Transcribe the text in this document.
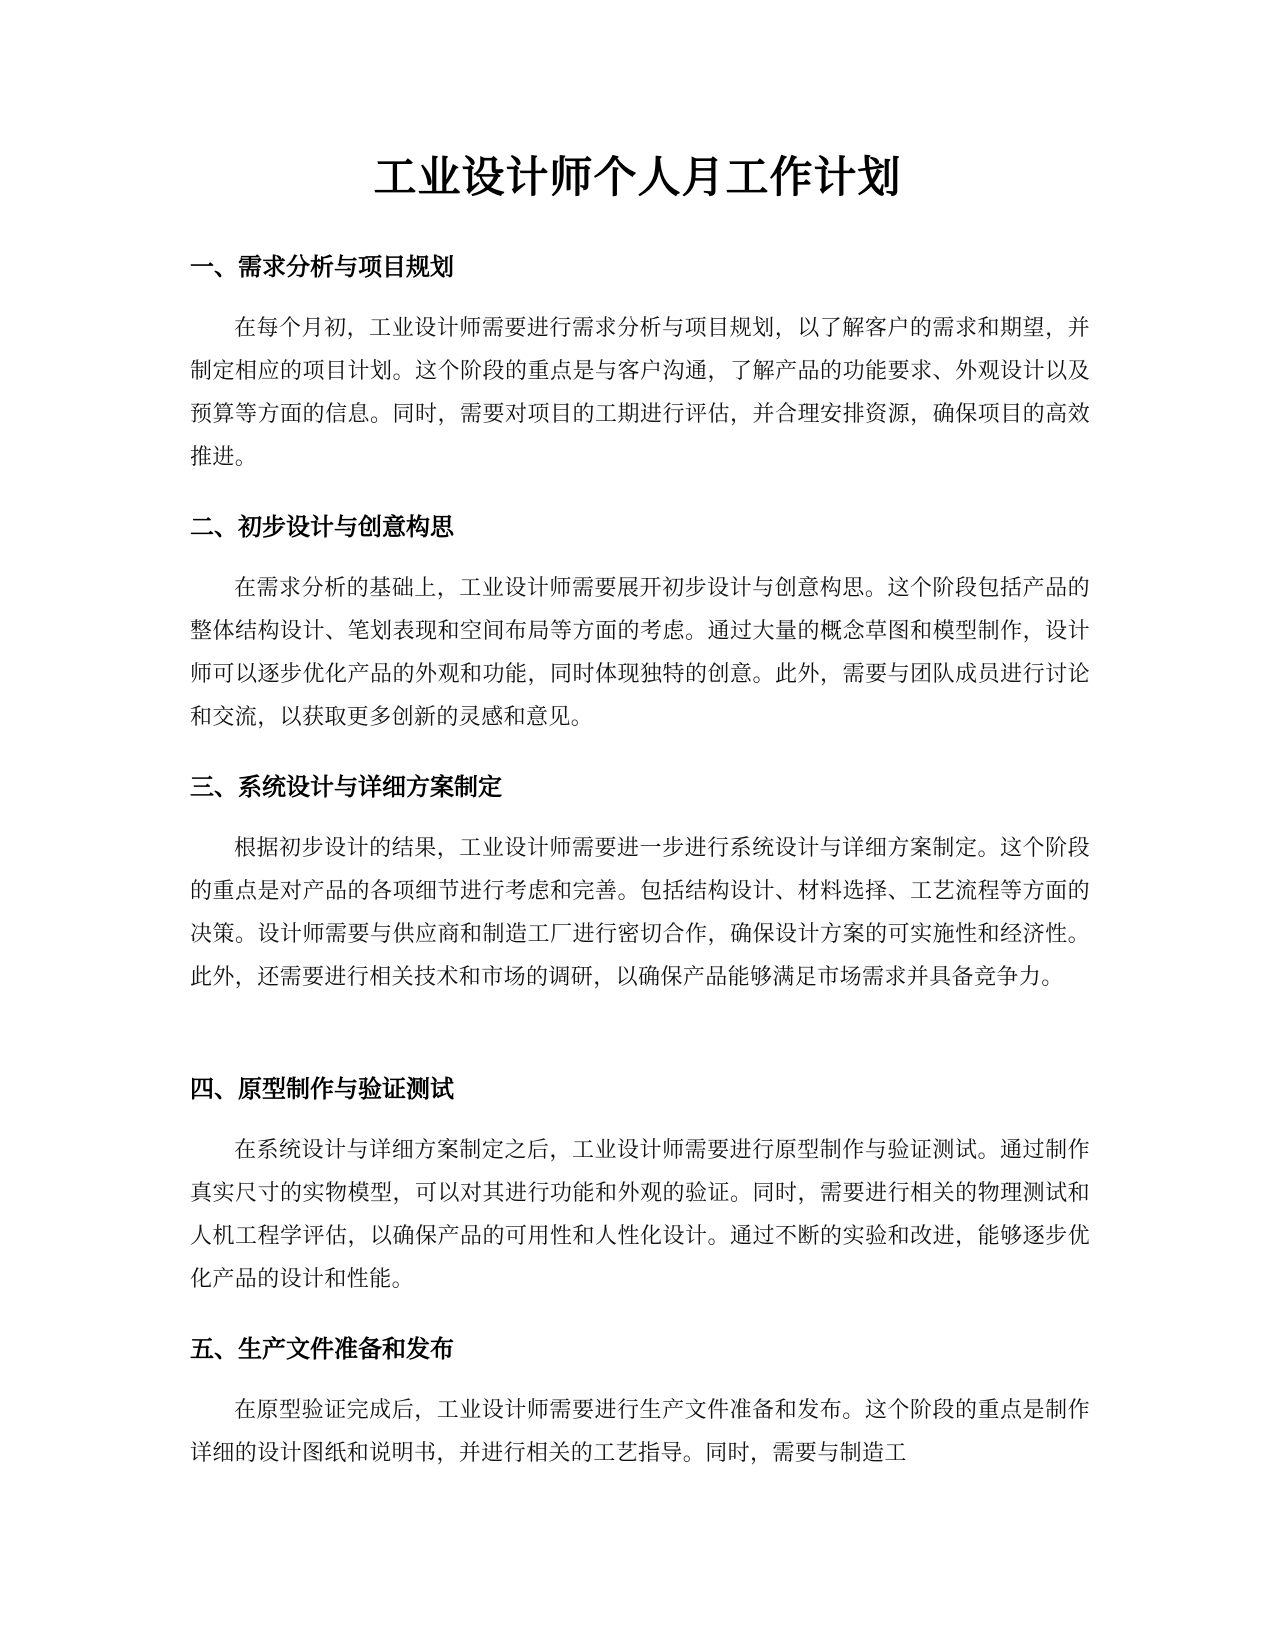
工业设计师个人月工作计划
一、需求分析与项目规划

在每个月初，工业设计师需要进行需求分析与项目规划，以了解客户的需求和期望，并制定相应的项目计划。这个阶段的重点是与客户沟通，了解产品的功能要求、外观设计以及预算等方面的信息。同时，需要对项目的工期进行评估，并合理安排资源，确保项目的高效推进。

二、初步设计与创意构思

在需求分析的基础上，工业设计师需要展开初步设计与创意构思。这个阶段包括产品的整体结构设计、笔划表现和空间布局等方面的考虑。通过大量的概念草图和模型制作，设计师可以逐步优化产品的外观和功能，同时体现独特的创意。此外，需要与团队成员进行讨论和交流，以获取更多创新的灵感和意见。

三、系统设计与详细方案制定

根据初步设计的结果，工业设计师需要进一步进行系统设计与详细方案制定。这个阶段的重点是对产品的各项细节进行考虑和完善。包括结构设计、材料选择、工艺流程等方面的决策。设计师需要与供应商和制造工厂进行密切合作，确保设计方案的可实施性和经济性。此外，还需要进行相关技术和市场的调研，以确保产品能够满足市场需求并具备竞争力。

四、原型制作与验证测试

在系统设计与详细方案制定之后，工业设计师需要进行原型制作与验证测试。通过制作真实尺寸的实物模型，可以对其进行功能和外观的验证。同时，需要进行相关的物理测试和人机工程学评估，以确保产品的可用性和人性化设计。通过不断的实验和改进，能够逐步优化产品的设计和性能。

五、生产文件准备和发布

在原型验证完成后，工业设计师需要进行生产文件准备和发布。这个阶段的重点是制作详细的设计图纸和说明书，并进行相关的工艺指导。同时，需要与制造工
